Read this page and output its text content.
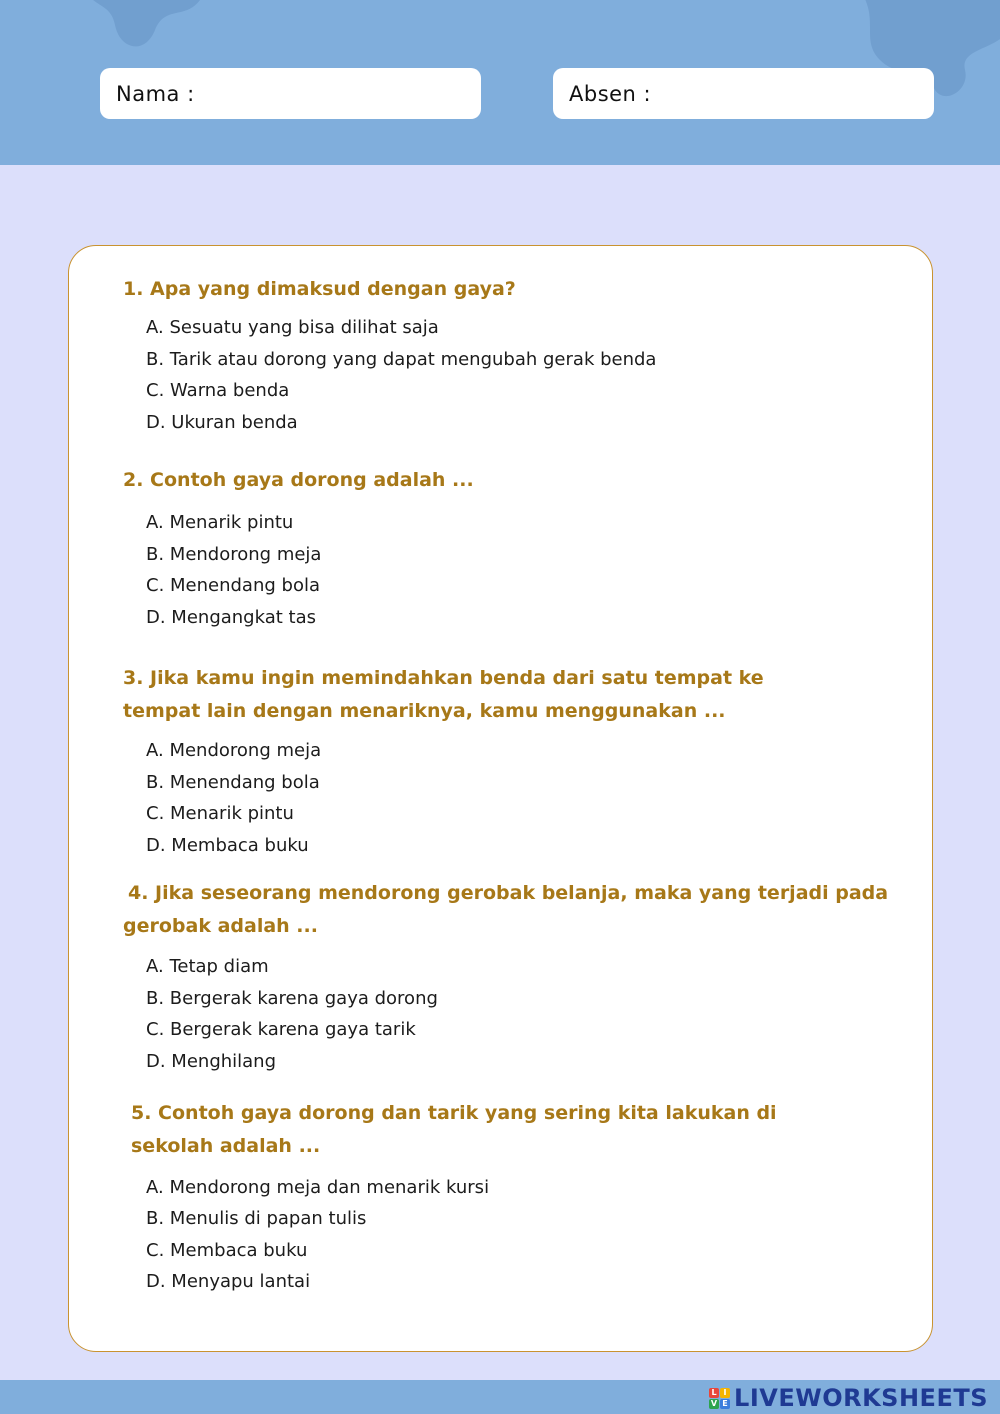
Nama :	Absen :
1. Apa yang dimaksud dengan gaya?
A. Sesuatu yang bisa dilihat saja
B. Tarik atau dorong yang dapat mengubah gerak benda
C. Warna benda
D. Ukuran benda
2. Contoh gaya dorong adalah ...
A. Menarik pintu
B. Mendorong meja
C. Menendang bola
D. Mengangkat tas
3. Jika kamu ingin memindahkan benda dari satu tempat ke
tempat lain dengan menariknya, kamu menggunakan ...
A. Mendorong meja
B. Menendang bola
C. Menarik pintu
D. Membaca buku
4. Jika seseorang mendorong gerobak belanja, maka yang terjadi pada
gerobak adalah ...
A. Tetap diam
B. Bergerak karena gaya dorong
C. Bergerak karena gaya tarik
D. Menghilang
5. Contoh gaya dorong dan tarik yang sering kita lakukan di
sekolah adalah ...
A. Mendorong meja dan menarik kursi
B. Menulis di papan tulis
C. Membaca buku
D. Menyapu lantai
L I
V E LIVEWORKSHEETS
